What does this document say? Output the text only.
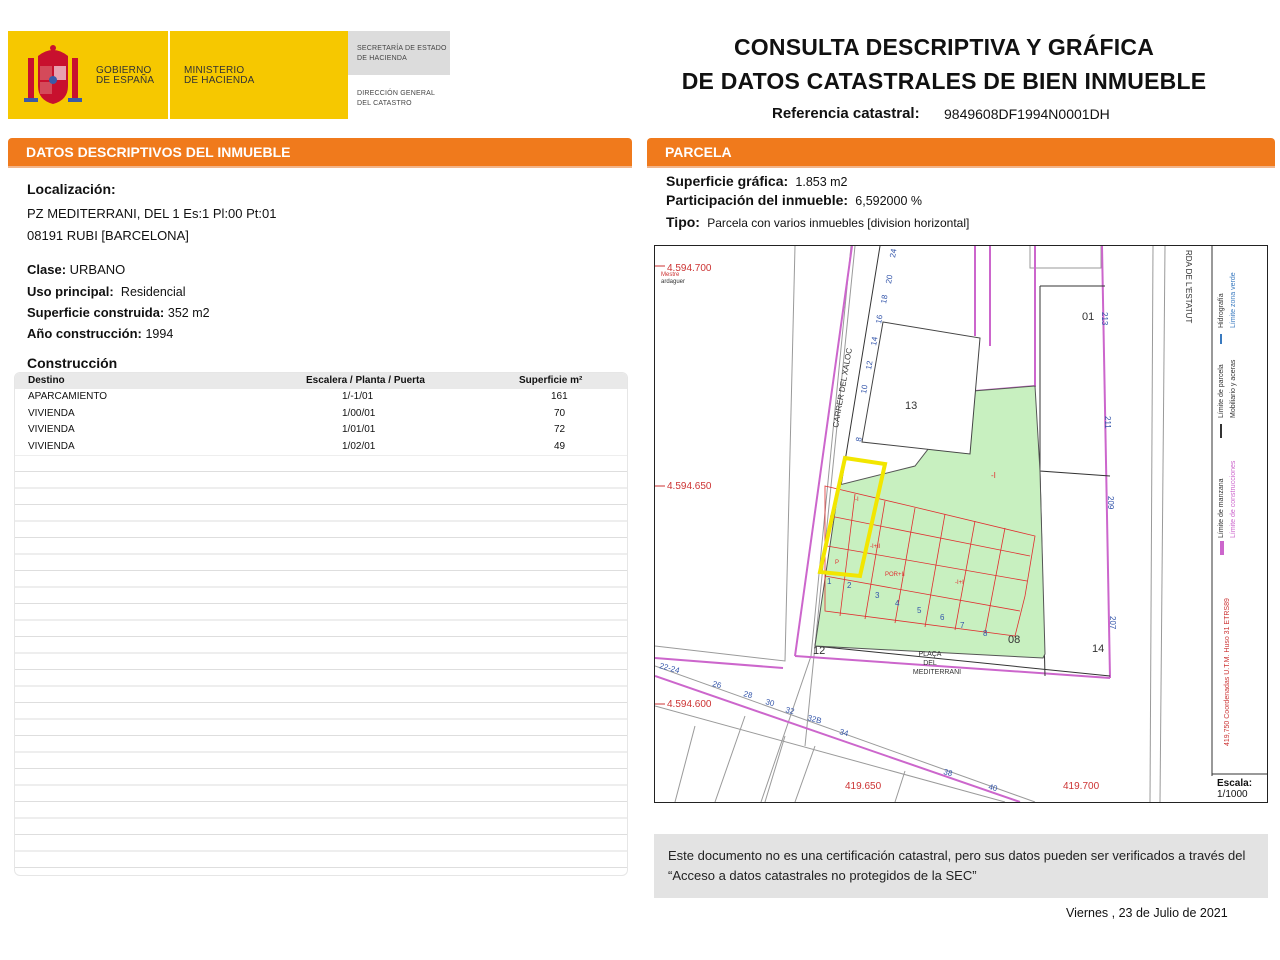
GOBIERNO
DE ESPAÑA
MINISTERIO
DE HACIENDA
SECRETARÍA DE ESTADO
DE HACIENDA
DIRECCIÓN GENERAL
DEL CATASTRO
CONSULTA DESCRIPTIVA Y GRÁFICA
DE DATOS CATASTRALES DE BIEN INMUEBLE
Referencia catastral: 9849608DF1994N0001DH
DATOS DESCRIPTIVOS DEL INMUEBLE
Localización:
PZ MEDITERRANI, DEL 1 Es:1 Pl:00 Pt:01
08191 RUBI [BARCELONA]
Clase: URBANO
Uso principal: Residencial
Superficie construida: 352 m2
Año construcción: 1994
Construcción
Destino	Escalera / Planta / Puerta	Superficie m²
APARCAMIENTO	1/-1/01	161
VIVIENDA	1/00/01	70
VIVIENDA	1/01/01	72
VIVIENDA	1/02/01	49
PARCELA
Superficie gráfica: 1.853 m2
Participación del inmueble: 6,592000 %
Tipo: Parcela con varios inmuebles [division horizontal]
4.594.700
4.594.650
4.594.600
419.650	419.700
Mestre
ardaguer
CARRER DEL XALOC
RDA DE L'ESTATUT
PLAÇA
DEL
MEDITERRANI
13
12	14
01
08
-I
24
20
18
16
14
12
10
8
213
211
209
207
1 2
3
4
5
6
7
8
22-24
26
28
30
32
32B
34
38
40
P
POR+II
-I+II
-I+I
-I	Límite de manzana Límite de construcciones
Límite de parcela Mobiliario y aceras
Hidrografía Límite zona verde
419,750 Coordenadas U.T.M. Huso 31 ETRS89
Escala:
1/1000
Este documento no es una certificación catastral, pero sus datos pueden ser verificados a través del “Acceso a datos catastrales no protegidos de la SEC”
Viernes , 23 de Julio de 2021
